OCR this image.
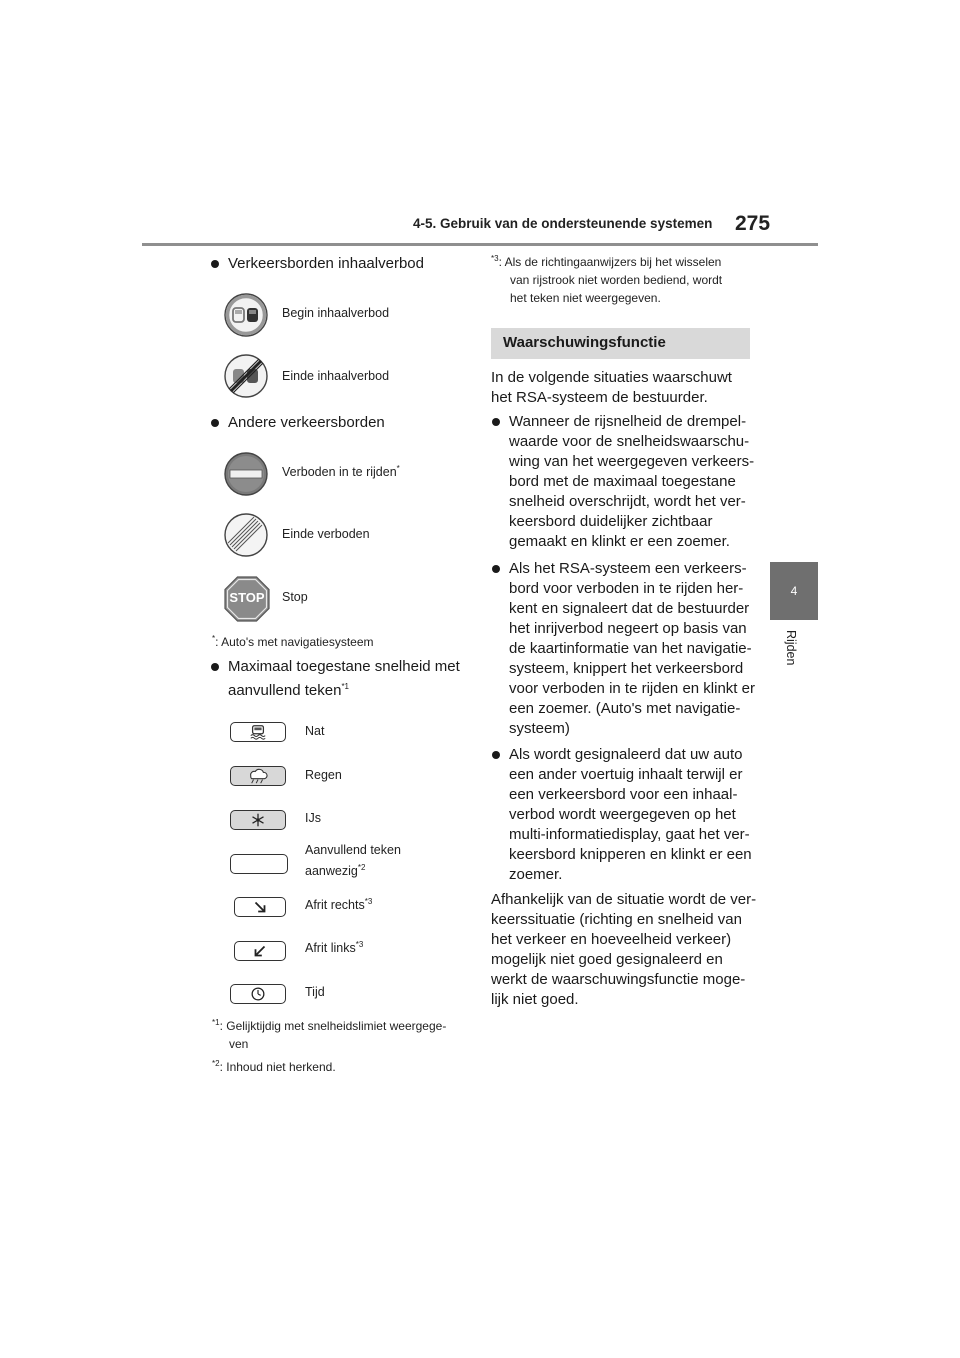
4-5. Gebruik van de ondersteunende systemen 275
4
Rijden
Verkeersborden inhaalverbod
Begin inhaalverbod
Einde inhaalverbod
Andere verkeersborden
Verboden in te rijden*
Einde verboden
STOP	Stop
*: Auto's met navigatiesysteem
Maximaal toegestane snelheid met
aanvullend teken$^{*1}$
Nat
Regen
IJs
Aanvullend teken
aanwezig$^{*2}$
Afrit rechts$^{*3}$
Afrit links$^{*3}$
Tijd
$^{*1}$: Gelijktijdig met snelheidslimiet weergege-
ven
$^{*2}$: Inhoud niet herkend.
$^{*3}$: Als de richtingaanwijzers bij het wisselen
van rijstrook niet worden bediend, wordt
het teken niet weergegeven.
Waarschuwingsfunctie
In de volgende situaties waarschuwt
het RSA-systeem de bestuurder.
Wanneer de rijsnelheid de drempel-
waarde voor de snelheidswaarschu-
wing van het weergegeven verkeers-
bord met de maximaal toegestane
snelheid overschrijdt, wordt het ver-
keersbord duidelijker zichtbaar
gemaakt en klinkt er een zoemer.
Als het RSA-systeem een verkeers-
bord voor verboden in te rijden her-
kent en signaleert dat de bestuurder
het inrijverbod negeert op basis van
de kaartinformatie van het navigatie-
systeem, knippert het verkeersbord
voor verboden in te rijden en klinkt er
een zoemer. (Auto's met navigatie-
systeem)
Als wordt gesignaleerd dat uw auto
een ander voertuig inhaalt terwijl er
een verkeersbord voor een inhaal-
verbod wordt weergegeven op het
multi-informatiedisplay, gaat het ver-
keersbord knipperen en klinkt er een
zoemer.
Afhankelijk van de situatie wordt de ver-
keerssituatie (richting en snelheid van
het verkeer en hoeveelheid verkeer)
mogelijk niet goed gesignaleerd en
werkt de waarschuwingsfunctie moge-
lijk niet goed.
